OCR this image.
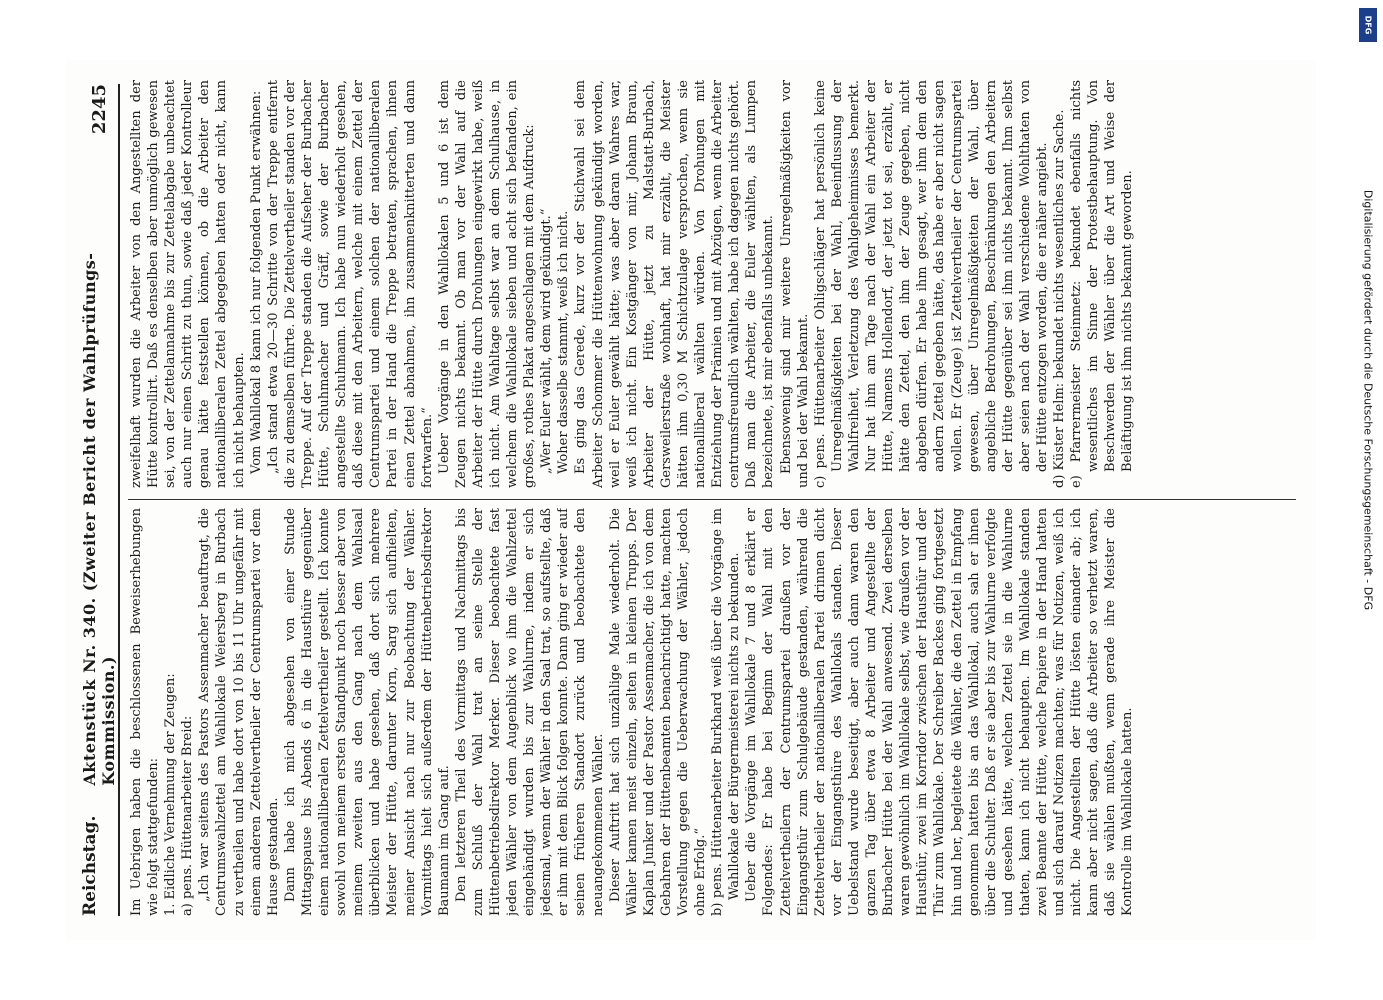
Reichstag.
Aktenstück Nr. 340. (Zweiter Bericht der Wahlprüfungs-Kommission.)
2245

Im Uebrigen haben die beschlossenen Beweiserhebungen wie folgt stattgefunden: 1. Eidliche Vernehmung der Zeugen: a) pens. Hüttenarbeiter Breid: „Ich war seitens des Pastors Assenmacher beauftragt, die Centrumswahlzettel am Wahllokale Weiersberg in Burbach zu vertheilen und habe dort von 10 bis 11 Uhr ungefähr mit einem anderen Zettelvertheiler der Centrumspartei vor dem Hause gestanden. Dann habe ich mich abgesehen von einer Stunde Mittagspause bis Abends 6 in die Hausthüre gegenüber einem nationalliberalen Zettelvertheiler gestellt. Ich konnte sowohl von meinem ersten Standpunkt noch besser aber von meinem zweiten aus den Gang nach dem Wahlsaal überblicken und habe gesehen, daß dort sich mehrere Meister der Hütte, darunter Korn, Sarg sich aufhielten, meiner Ansicht nach nur zur Beobachtung der Wähler. Vormittags hielt sich außerdem der Hüttenbetriebsdirektor Baumann im Gang auf. Den letzteren Theil des Vormittags und Nachmittags bis zum Schluß der Wahl trat an seine Stelle der Hüttenbetriebsdirektor Merker. Dieser beobachtete fast jeden Wähler von dem Augenblick wo ihm die Wahlzettel eingehändigt wurden bis zur Wahlurne, indem er sich jedesmal, wenn der Wähler in den Saal trat, so aufstellte, daß er ihm mit dem Blick folgen konnte. Dann ging er wieder auf seinen früheren Standort zurück und beobachtete den neuangekommenen Wähler. Dieser Auftritt hat sich unzählige Male wiederholt. Die Wähler kamen meist einzeln, selten in kleinen Trupps. Der Kaplan Junker und der Pastor Assenmacher, die ich von dem Gebahren der Hüttenbeamten benachrichtigt hatte, machten Vorstellung gegen die Ueberwachung der Wähler, jedoch ohne Erfolg.“ b) pens. Hüttenarbeiter Burkhard weiß über die Vorgänge im Wahllokale der Bürgermeisterei nichts zu bekunden. Ueber die Vorgänge im Wahllokale 7 und 8 erklärt er Folgendes: Er habe bei Beginn der Wahl mit den Zettelvertheilern der Centrumspartei draußen vor der Eingangsthür zum Schulgebäude gestanden, während die Zettelvertheiler der nationalliberalen Partei drinnen dicht vor der Eingangsthüre des Wahllokals standen. Dieser Uebelstand wurde beseitigt, aber auch dann waren den ganzen Tag über etwa 8 Arbeiter und Angestellte der Burbacher Hütte bei der Wahl anwesend. Zwei derselben waren gewöhnlich im Wahllokale selbst, wie draußen vor der Hausthür, zwei im Korridor zwischen der Hausthür und der Thür zum Wahllokale. Der Schreiber Backes ging fortgesetzt hin und her, begleitete die Wähler, die den Zettel in Empfang genommen hatten bis an das Wahllokal, auch sah er ihnen über die Schulter. Daß er sie aber bis zur Wahlurne verfolgte und gesehen hätte, welchen Zettel sie in die Wahlurne thaten, kann ich nicht behaupten. Im Wahllokale standen zwei Beamte der Hütte, welche Papiere in der Hand hatten und sich darauf Notizen machten; was für Notizen, weiß ich nicht. Die Angestellten der Hütte lösten einander ab; ich kann aber nicht sagen, daß die Arbeiter so verhetzt waren, daß sie wählen mußten, wenn gerade ihre Meister die Kontrolle im Wahllokale hatten.

zweifelhaft wurden die Arbeiter von den Angestellten der Hütte kontrollirt. Daß es denselben aber unmöglich gewesen sei, von der Zettelannahme bis zur Zettelabgabe unbeachtet auch nur einen Schritt zu thun, sowie daß jeder Kontrolleur genau hätte feststellen können, ob die Arbeiter den nationalliberalen Zettel abgegeben hatten oder nicht, kann ich nicht behaupten. Vom Wahllokal 8 kann ich nur folgenden Punkt erwähnen: „Ich stand etwa 20—30 Schritte von der Treppe entfernt die zu demselben führte. Die Zettelvertheiler standen vor der Treppe. Auf der Treppe standen die Aufseher der Burbacher Hütte, Schuhmacher und Gräff, sowie der Burbacher angestellte Schuhmann. Ich habe nun wiederholt gesehen, daß diese mit den Arbeitern, welche mit einem Zettel der Centrumspartei und einem solchen der nationalliberalen Partei in der Hand die Treppe betraten, sprachen, ihnen einen Zettel abnahmen, ihn zusammenknitterten und dann fortwarfen.“ Ueber Vorgänge in den Wahllokalen 5 und 6 ist dem Zeugen nichts bekannt. Ob man vor der Wahl auf die Arbeiter der Hütte durch Drohungen eingewirkt habe, weiß ich nicht. Am Wahltage selbst war an dem Schulhause, in welchem die Wahllokale sieben und acht sich befanden, ein großes, rothes Plakat angeschlagen mit dem Aufdruck: „Wer Euler wählt, dem wird gekündigt.“ Woher dasselbe stammt, weiß ich nicht. Es ging das Gerede, kurz vor der Stichwahl sei dem Arbeiter Schommer die Hüttenwohnung gekündigt worden, weil er Euler gewählt hätte; was aber daran Wahres war, weiß ich nicht. Ein Kostgänger von mir, Johann Braun, Arbeiter der Hütte, jetzt zu Malstatt-Burbach, Gersweilerstraße wohnhaft, hat mir erzählt, die Meister hätten ihm 0,30 M Schichtzulage versprochen, wenn sie nationalliberal wählten würden. Von Drohungen mit Entziehung der Prämien und mit Abzügen, wenn die Arbeiter centrumsfreundlich wählten, habe ich dagegen nichts gehört. Daß man die Arbeiter, die Euler wählten, als Lumpen bezeichnete, ist mir ebenfalls unbekannt. Ebensowenig sind mir weitere Unregelmäßigkeiten vor und bei der Wahl bekannt. c) pens. Hüttenarbeiter Ohligschläger hat persönlich keine Unregelmäßigkeiten bei der Wahl, Beeinflussung der Wahlfreiheit, Verletzung des Wahlgeheimnisses bemerkt. Nur hat ihm am Tage nach der Wahl ein Arbeiter der Hütte, Namens Hollendorf, der jetzt tot sei, erzählt, er hätte den Zettel, den ihm der Zeuge gegeben, nicht abgeben dürfen. Er habe ihm gesagt, wer ihm dem den andern Zettel gegeben hätte, das habe er aber nicht sagen wollen. Er (Zeuge) ist Zettelvertheiler der Centrumspartei gewesen, über Unregelmäßigkeiten der Wahl, über angebliche Bedrohungen, Beschränkungen den Arbeitern der Hütte gegenüber sei ihm nichts bekannt. Ihm selbst aber seien nach der Wahl verschiedene Wohlthaten von der Hütte entzogen worden, die er näher angiebt. d) Küster Helm: bekundet nichts wesentliches zur Sache. e) Pfarrermeister Steinmetz: bekundet ebenfalls nichts wesentliches im Sinne der Protestbehauptung. Von Beschwerden der Wähler über die Art und Weise der Beläftigung ist ihm nichts bekannt geworden.

DFG
Digitalisierung gefördert durch die Deutsche Forschungsgemeinschaft - DFG
